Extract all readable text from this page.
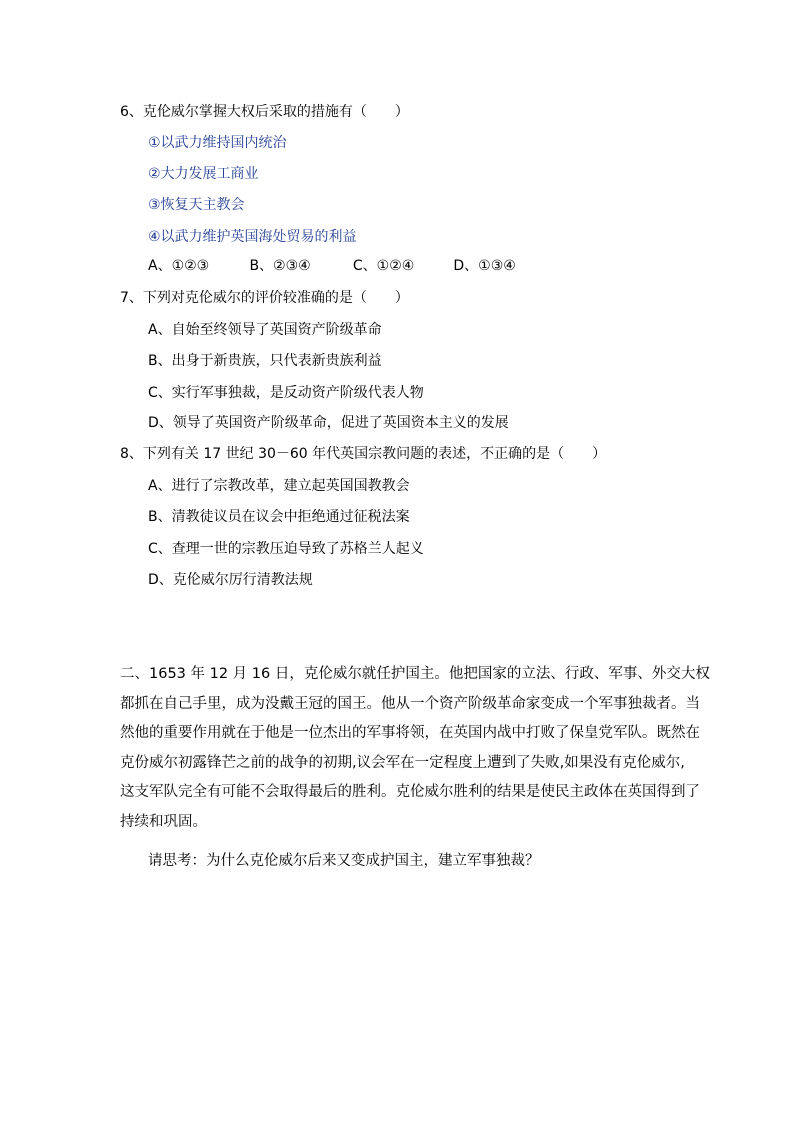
6、克伦威尔掌握大权后采取的措施有（　　）
①以武力维持国内统治
②大力发展工商业
③恢复天主教会
④以武力维护英国海处贸易的利益
A、①②③	B、②③④	C、①②④	D、①③④
7、下列对克伦威尔的评价较准确的是（　　）
A、自始至终领导了英国资产阶级革命
B、出身于新贵族，只代表新贵族利益
C、实行军事独裁，是反动资产阶级代表人物
D、领导了英国资产阶级革命，促进了英国资本主义的发展
8、下列有关 17 世纪 30－60 年代英国宗教问题的表述，不正确的是（　　）
A、进行了宗教改革，建立起英国国教教会
B、清教徒议员在议会中拒绝通过征税法案
C、查理一世的宗教压迫导致了苏格兰人起义
D、克伦威尔厉行清教法规
二、1653 年 12 月 16 日，克伦威尔就任护国主。他把国家的立法、行政、军事、外交大权
都抓在自己手里，成为没戴王冠的国王。他从一个资产阶级革命家变成一个军事独裁者。当
然他的重要作用就在于他是一位杰出的军事将领，在英国内战中打败了保皇党军队。既然在
克份威尔初露锋芒之前的战争的初期,议会军在一定程度上遭到了失败,如果没有克伦威尔,
这支军队完全有可能不会取得最后的胜利。克伦威尔胜利的结果是使民主政体在英国得到了
持续和巩固。
请思考：为什么克伦威尔后来又变成护国主，建立军事独裁？
